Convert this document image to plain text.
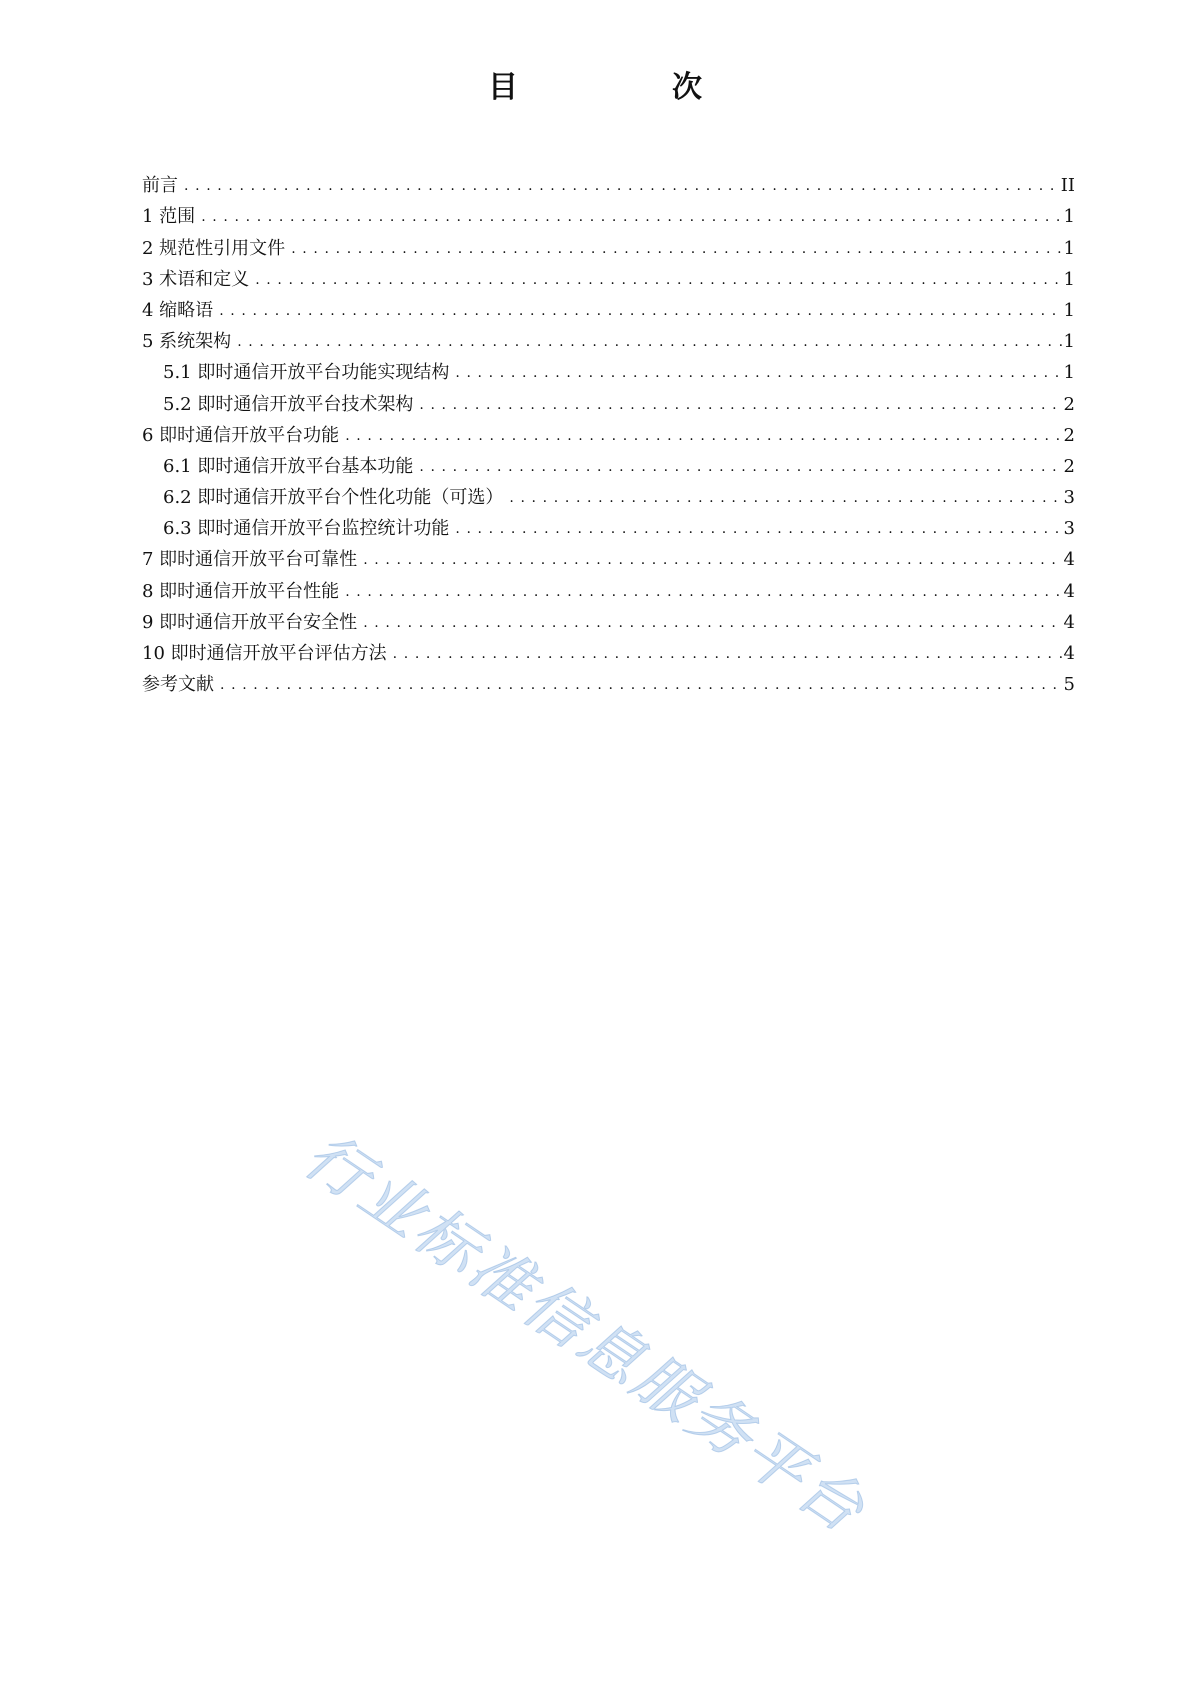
目　次
前言 . . .	II
1 范围 . . .	1
2 规范性引用文件 . . .	1
3 术语和定义 . . .	1
4 缩略语 . . .	1
5 系统架构 . . .	1
5.1 即时通信开放平台功能实现结构 . . .	1
5.2 即时通信开放平台技术架构 . . .	2
6 即时通信开放平台功能 . . .	2
6.1 即时通信开放平台基本功能 . . .	2
6.2 即时通信开放平台个性化功能（可选） . . .	3
6.3 即时通信开放平台监控统计功能 . . .	3
7 即时通信开放平台可靠性 . . .	4
8 即时通信开放平台性能 . . .	4
9 即时通信开放平台安全性 . . .	4
10 即时通信开放平台评估方法 . . .	4
参考文献 . . .	5
行业标准信息服务平台
